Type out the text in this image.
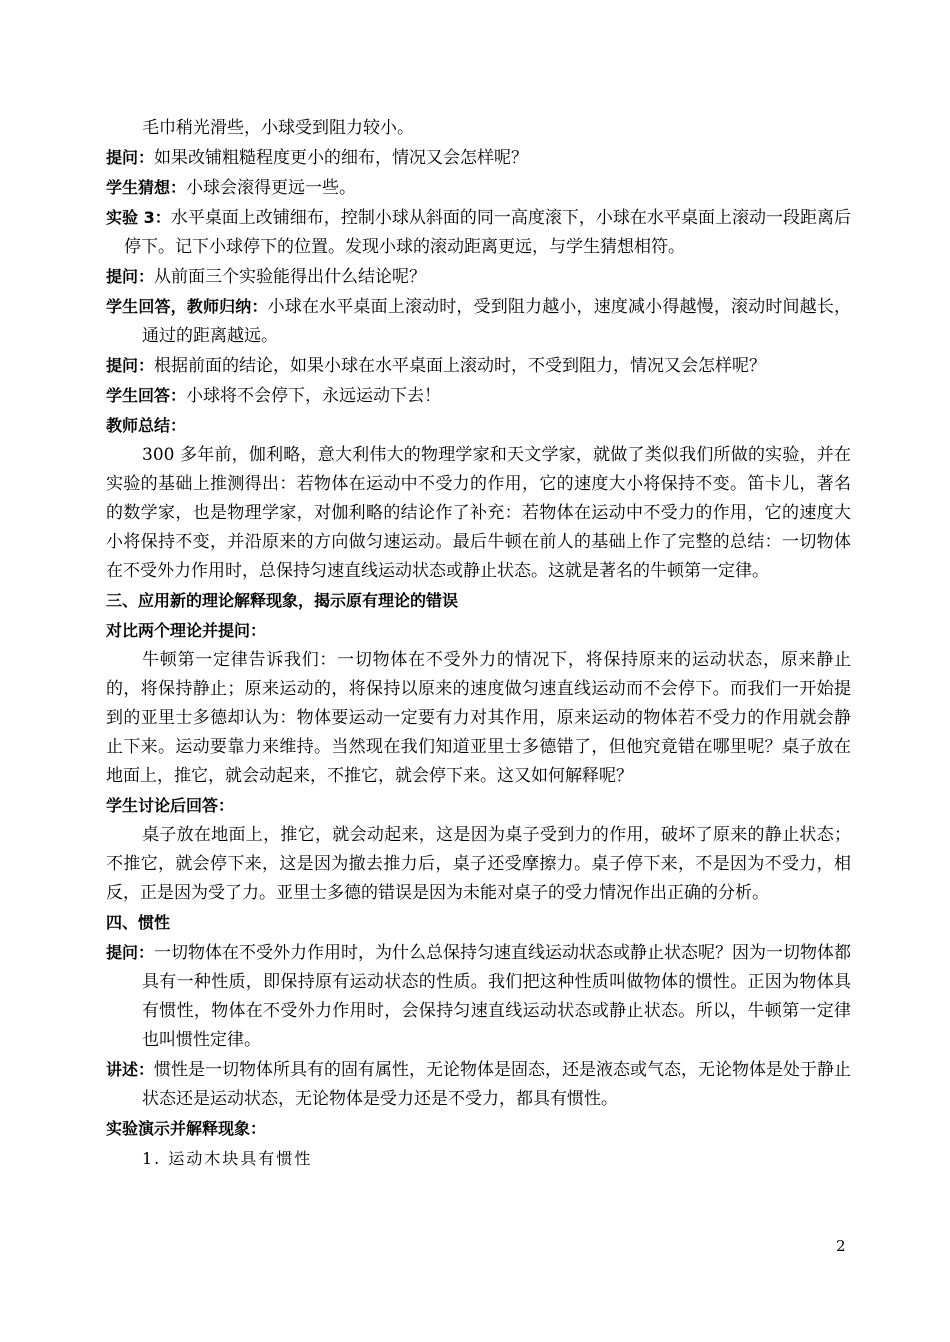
毛巾稍光滑些，小球受到阻力较小。

提问：如果改铺粗糙程度更小的细布，情况又会怎样呢？

学生猜想：小球会滚得更远一些。

实验 3：水平桌面上改铺细布，控制小球从斜面的同一高度滚下，小球在水平桌面上滚动一段距离后停下。记下小球停下的位置。发现小球的滚动距离更远，与学生猜想相符。

提问：从前面三个实验能得出什么结论呢？

学生回答，教师归纳：小球在水平桌面上滚动时，受到阻力越小，速度减小得越慢，滚动时间越长，通过的距离越远。

提问：根据前面的结论，如果小球在水平桌面上滚动时，不受到阻力，情况又会怎样呢？

学生回答：小球将不会停下，永远运动下去！

教师总结：

300 多年前，伽利略，意大利伟大的物理学家和天文学家，就做了类似我们所做的实验，并在实验的基础上推测得出：若物体在运动中不受力的作用，它的速度大小将保持不变。笛卡儿，著名的数学家，也是物理学家，对伽利略的结论作了补充：若物体在运动中不受力的作用，它的速度大小将保持不变，并沿原来的方向做匀速运动。最后牛顿在前人的基础上作了完整的总结：一切物体在不受外力作用时，总保持匀速直线运动状态或静止状态。这就是著名的牛顿第一定律。

三、应用新的理论解释现象，揭示原有理论的错误

对比两个理论并提问：

牛顿第一定律告诉我们：一切物体在不受外力的情况下，将保持原来的运动状态，原来静止的，将保持静止；原来运动的，将保持以原来的速度做匀速直线运动而不会停下。而我们一开始提到的亚里士多德却认为：物体要运动一定要有力对其作用，原来运动的物体若不受力的作用就会静止下来。运动要靠力来维持。当然现在我们知道亚里士多德错了，但他究竟错在哪里呢？桌子放在地面上，推它，就会动起来，不推它，就会停下来。这又如何解释呢？

学生讨论后回答：

桌子放在地面上，推它，就会动起来，这是因为桌子受到力的作用，破坏了原来的静止状态；不推它，就会停下来，这是因为撤去推力后，桌子还受摩擦力。桌子停下来，不是因为不受力，相反，正是因为受了力。亚里士多德的错误是因为未能对桌子的受力情况作出正确的分析。

四、惯性

提问：一切物体在不受外力作用时，为什么总保持匀速直线运动状态或静止状态呢？因为一切物体都具有一种性质，即保持原有运动状态的性质。我们把这种性质叫做物体的惯性。正因为物体具有惯性，物体在不受外力作用时，会保持匀速直线运动状态或静止状态。所以，牛顿第一定律也叫惯性定律。

讲述：惯性是一切物体所具有的固有属性，无论物体是固态，还是液态或气态，无论物体是处于静止状态还是运动状态，无论物体是受力还是不受力，都具有惯性。

实验演示并解释现象：

1. 运动木块具有惯性

2
